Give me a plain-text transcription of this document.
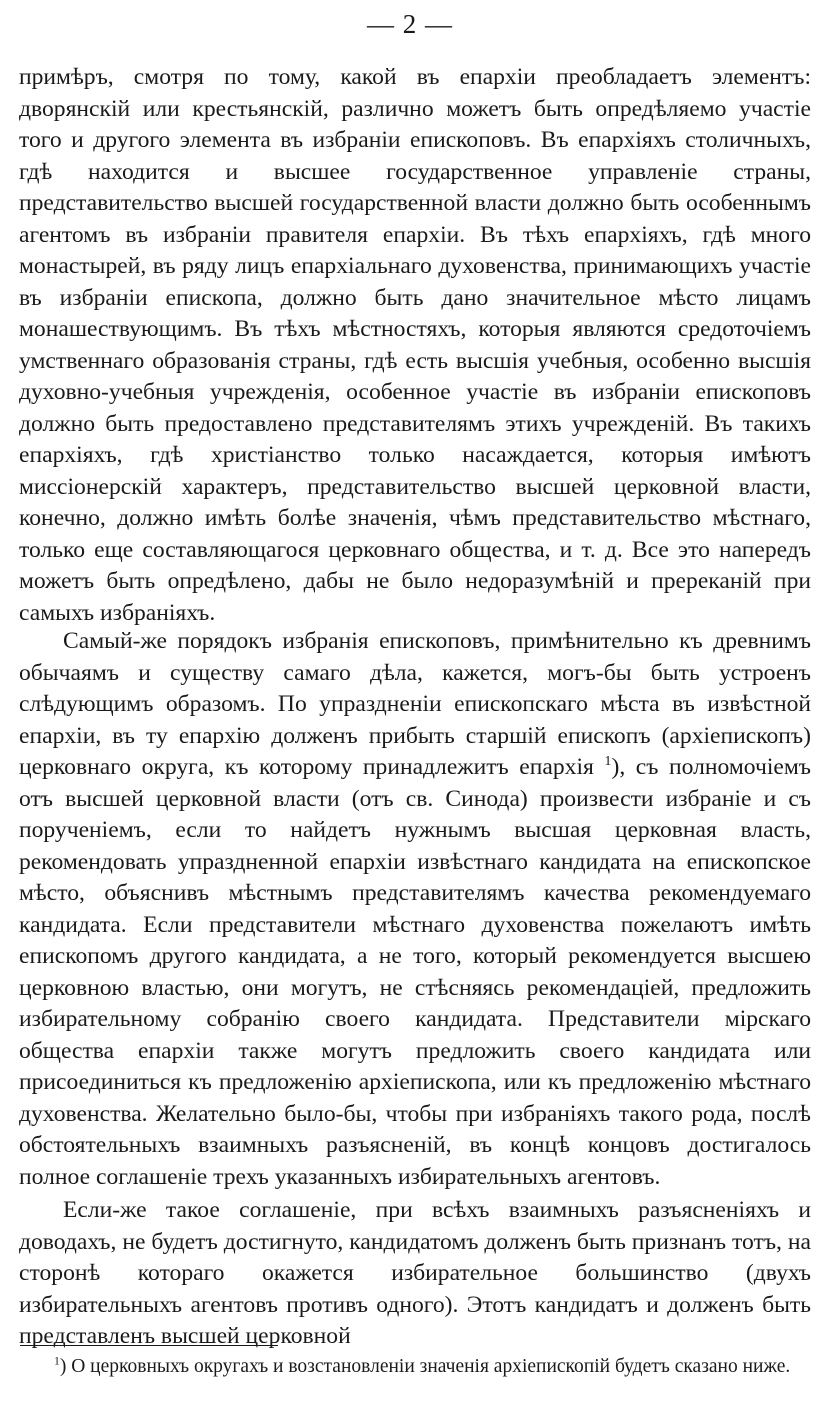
— 2 —

примѣръ, смотря по тому, какой въ епархіи преобладаетъ элементъ: дворянскій или крестьянскій, различно можетъ быть опредѣляемо участіе того и другого элемента въ избраніи епископовъ. Въ епархіяхъ столичныхъ, гдѣ находится и высшее государственное управленіе страны, представительство высшей государственной власти должно быть особеннымъ агентомъ въ избраніи правителя епархіи. Въ тѣхъ епархіяхъ, гдѣ много монастырей, въ ряду лицъ епархіальнаго духовенства, принимающихъ участіе въ избраніи епископа, должно быть дано значительное мѣсто лицамъ монашествующимъ. Въ тѣхъ мѣстностяхъ, которыя являются средоточіемъ умственнаго образованія страны, гдѣ есть высшія учебныя, особенно высшія духовно-учебныя учрежденія, особенное участіе въ избраніи епископовъ должно быть предоставлено представителямъ этихъ учрежденій. Въ такихъ епархіяхъ, гдѣ христіанство только насаждается, которыя имѣютъ миссіонерскій характеръ, представительство высшей церковной власти, конечно, должно имѣть болѣе значенія, чѣмъ представительство мѣстнаго, только еще составляющагося церковнаго общества, и т. д. Все это напередъ можетъ быть опредѣлено, дабы не было недоразумѣній и пререканій при самыхъ избраніяхъ.

Самый-же порядокъ избранія епископовъ, примѣнительно къ древнимъ обычаямъ и существу самаго дѣла, кажется, могъ-бы быть устроенъ слѣдующимъ образомъ. По упраздненіи епископскаго мѣста въ извѣстной епархіи, въ ту епархію долженъ прибыть старшій епископъ (архіепископъ) церковнаго округа, къ которому принадлежитъ епархія $^1$), съ полномочіемъ отъ высшей церковной власти (отъ св. Синода) произвести избраніе и съ порученіемъ, если то найдетъ нужнымъ высшая церковная власть, рекомендовать упраздненной епархіи извѣстнаго кандидата на епископское мѣсто, объяснивъ мѣстнымъ представителямъ качества рекомендуемаго кандидата. Если представители мѣстнаго духовенства пожелаютъ имѣть епископомъ другого кандидата, а не того, который рекомендуется высшею церковною властью, они могутъ, не стѣсняясь рекомендаціей, предложить избирательному собранію своего кандидата. Представители мірскаго общества епархіи также могутъ предложить своего кандидата или присоединиться къ предложенію архіепископа, или къ предложенію мѣстнаго духовенства. Желательно было-бы, чтобы при избраніяхъ такого рода, послѣ обстоятельныхъ взаимныхъ разъясненій, въ концѣ концовъ достигалось полное соглашеніе трехъ указанныхъ избирательныхъ агентовъ.

Если-же такое соглашеніе, при всѣхъ взаимныхъ разъясненіяхъ и доводахъ, не будетъ достигнуто, кандидатомъ долженъ быть признанъ тотъ, на сторонѣ котораго окажется избирательное большинство (двухъ избирательныхъ агентовъ противъ одного). Этотъ кандидатъ и долженъ быть представленъ высшей церковной

$^1$) О церковныхъ округахъ и возстановленіи значенія архіепископій будетъ сказано ниже.
